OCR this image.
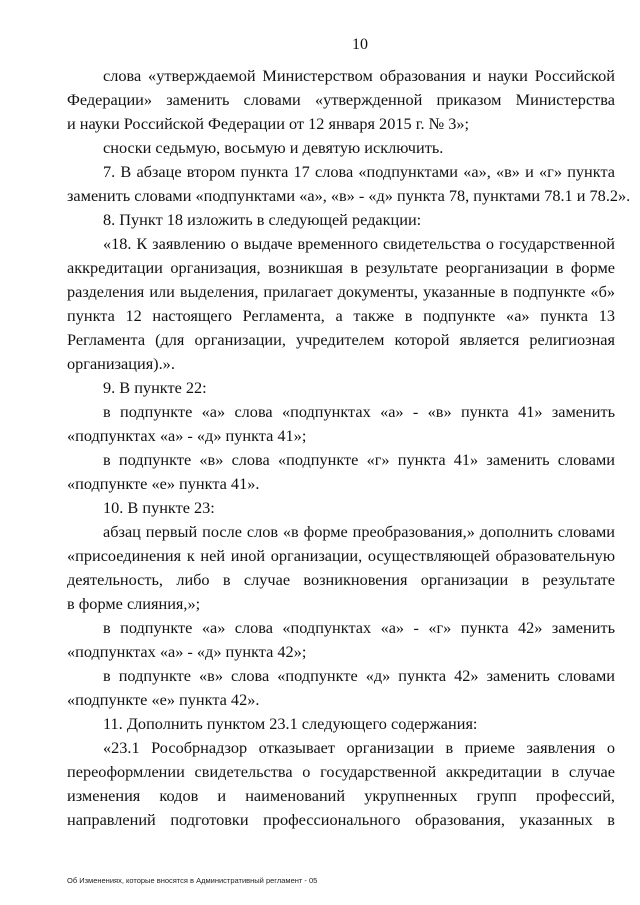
10
слова «утверждаемой Министерством образования и науки Российской
Федерации» заменить словами «утвержденной приказом Министерства
и науки Российской Федерации от 12 января 2015 г. № 3»;
сноски седьмую, восьмую и девятую исключить.
7. В абзаце втором пункта 17 слова «подпунктами «а», «в» и «г» пункта
заменить словами «подпунктами «а», «в» - «д» пункта 78, пунктами 78.1 и 78.2».
8. Пункт 18 изложить в следующей редакции:
«18. К заявлению о выдаче временного свидетельства о государственной
аккредитации организация, возникшая в результате реорганизации в форме
разделения или выделения, прилагает документы, указанные в подпункте «б»
пункта 12 настоящего Регламента, а также в подпункте «а» пункта 13
Регламента (для организации, учредителем которой является религиозная
организация).».
9. В пункте 22:
в подпункте «а» слова «подпунктах «а» - «в» пункта 41» заменить
«подпунктах «а» - «д» пункта 41»;
в подпункте «в» слова «подпункте «г» пункта 41» заменить словами
«подпункте «е» пункта 41».
10. В пункте 23:
абзац первый после слов «в форме преобразования,» дополнить словами
«присоединения к ней иной организации, осуществляющей образовательную
деятельность, либо в случае возникновения организации в результате
в форме слияния,»;
в подпункте «а» слова «подпунктах «а» - «г» пункта 42» заменить
«подпунктах «а» - «д» пункта 42»;
в подпункте «в» слова «подпункте «д» пункта 42» заменить словами
«подпункте «е» пункта 42».
11. Дополнить пунктом 23.1 следующего содержания:
«23.1 Рособрнадзор отказывает организации в приеме заявления о
переоформлении свидетельства о государственной аккредитации в случае
изменения кодов и наименований укрупненных групп профессий,
направлений подготовки профессионального образования, указанных в
Об Изменениях, которые вносятся в Административный регламент - 05
